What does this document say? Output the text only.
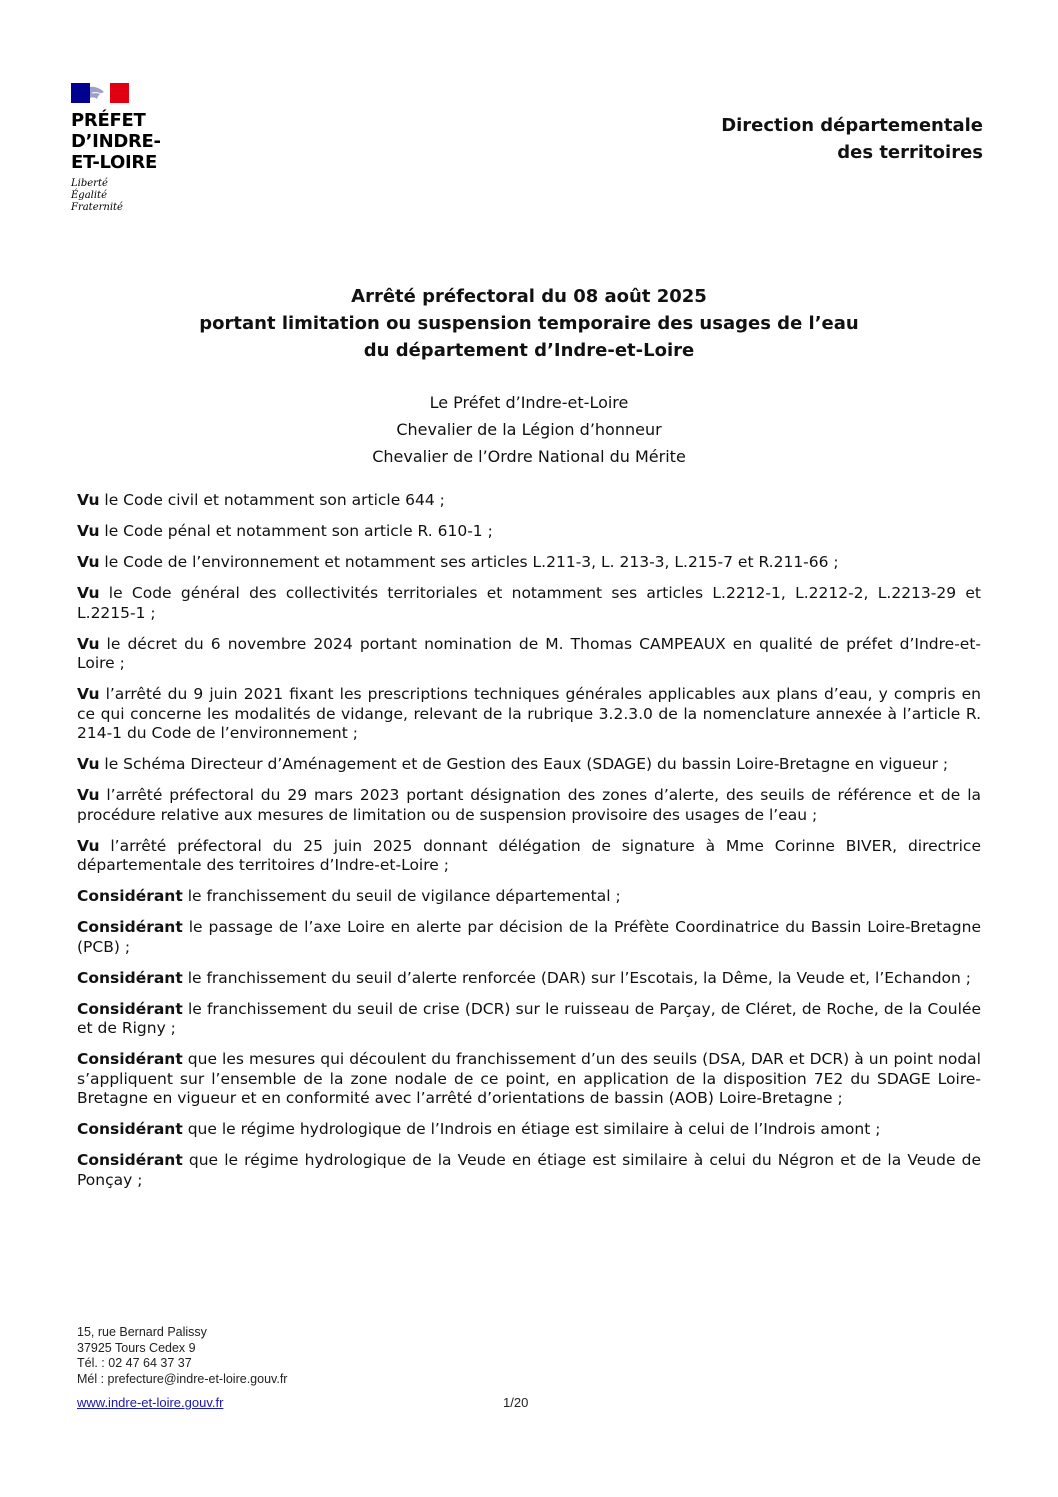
PRÉFET
D’INDRE-
ET-LOIRE
Liberté
Égalité
Fraternité
Direction départementale
des territoires
Arrêté préfectoral du 08 août 2025
portant limitation ou suspension temporaire des usages de l’eau
du département d’Indre-et-Loire
Le Préfet d’Indre-et-Loire
Chevalier de la Légion d’honneur
Chevalier de l’Ordre National du Mérite

Vu le Code civil et notamment son article 644 ;

Vu le Code pénal et notamment son article R. 610-1 ;

Vu le Code de l’environnement et notamment ses articles L.211-3, L. 213-3, L.215-7 et R.211-66 ;

Vu le Code général des collectivités territoriales et notamment ses articles L.2212-1, L.2212-2, L.2213-29 et L.2215-1 ;

Vu le décret du 6 novembre 2024 portant nomination de M. Thomas CAMPEAUX en qualité de préfet d’Indre-et-Loire ;

Vu l’arrêté du 9 juin 2021 fixant les prescriptions techniques générales applicables aux plans d’eau, y compris en ce qui concerne les modalités de vidange, relevant de la rubrique 3.2.3.0 de la nomenclature annexée à l’article R. 214-1 du Code de l’environnement ;

Vu le Schéma Directeur d’Aménagement et de Gestion des Eaux (SDAGE) du bassin Loire-Bretagne en vigueur ;

Vu l’arrêté préfectoral du 29 mars 2023 portant désignation des zones d’alerte, des seuils de référence et de la procédure relative aux mesures de limitation ou de suspension provisoire des usages de l’eau ;

Vu l’arrêté préfectoral du 25 juin 2025 donnant délégation de signature à Mme Corinne BIVER, directrice départementale des territoires d’Indre-et-Loire ;

Considérant le franchissement du seuil de vigilance départemental ;

Considérant le passage de l’axe Loire en alerte par décision de la Préfète Coordinatrice du Bassin Loire-Bretagne (PCB) ;

Considérant le franchissement du seuil d’alerte renforcée (DAR) sur l’Escotais, la Dême, la Veude et, l’Echandon ;

Considérant le franchissement du seuil de crise (DCR) sur le ruisseau de Parçay, de Cléret, de Roche, de la Coulée et de Rigny ;

Considérant que les mesures qui découlent du franchissement d’un des seuils (DSA, DAR et DCR) à un point nodal s’appliquent sur l’ensemble de la zone nodale de ce point, en application de la disposition 7E2 du SDAGE Loire-Bretagne en vigueur et en conformité avec l’arrêté d’orientations de bassin (AOB) Loire-Bretagne ;

Considérant que le régime hydrologique de l’Indrois en étiage est similaire à celui de l’Indrois amont ;

Considérant que le régime hydrologique de la Veude en étiage est similaire à celui du Négron et de la Veude de Ponçay ;

15, rue Bernard Palissy
37925 Tours Cedex 9
Tél. : 02 47 64 37 37
Mél : prefecture@indre-et-loire.gouv.fr
www.indre-et-loire.gouv.fr	1/20
